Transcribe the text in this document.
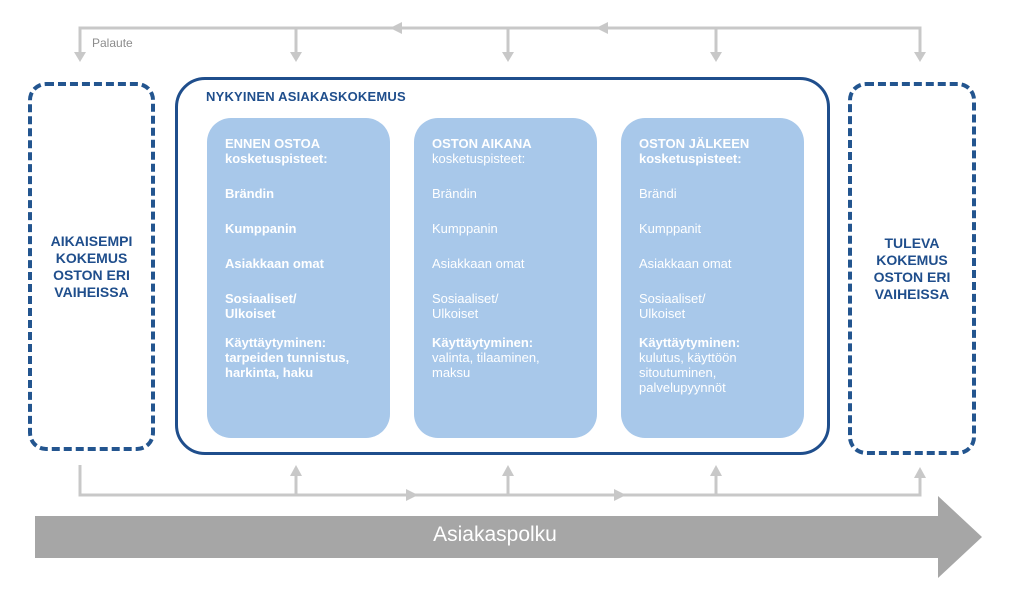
Palaute
AIKAISEMPI
KOKEMUS
OSTON ERI
VAIHEISSA
NYKYINEN ASIAKASKOKEMUS
ENNEN OSTOA
kosketuspisteet:
Brändin
Kumppanin
Asiakkaan omat
Sosiaaliset/
Ulkoiset
Käyttäytyminen:
tarpeiden tunnistus,
harkinta, haku
OSTON AIKANA
kosketuspisteet:
Brändin
Kumppanin
Asiakkaan omat
Sosiaaliset/
Ulkoiset
Käyttäytyminen:
valinta, tilaaminen,
maksu
OSTON JÄLKEEN
kosketuspisteet:
Brändi
Kumppanit
Asiakkaan omat
Sosiaaliset/
Ulkoiset
Käyttäytyminen:
kulutus, käyttöön
sitoutuminen,
palvelupyynnöt
TULEVA
KOKEMUS
OSTON ERI
VAIHEISSA
Asiakaspolku
